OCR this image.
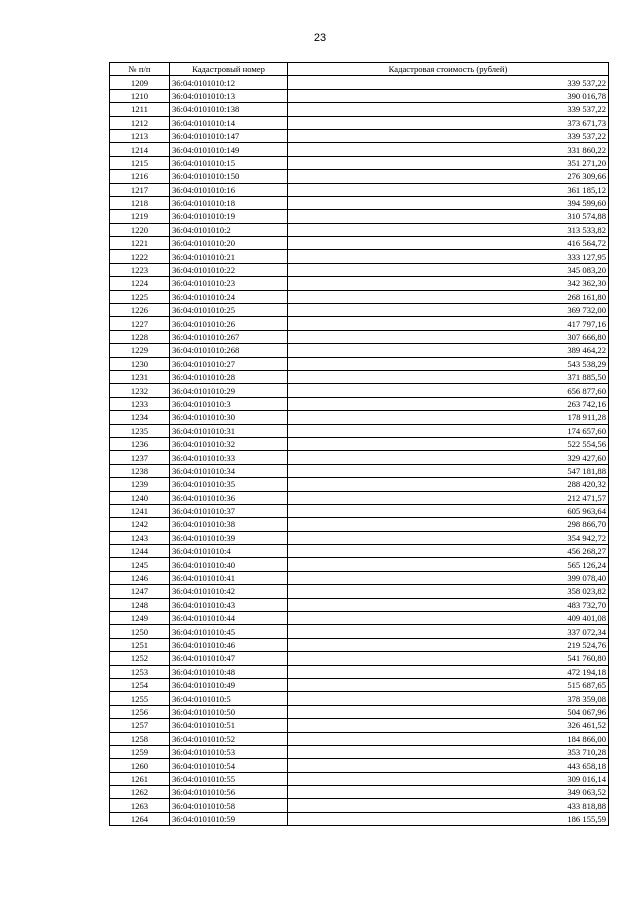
23
№ п/п	Кадастровый номер	Кадастровая стоимость (рублей)
1209	36:04:0101010:12	339 537,22
1210	36:04:0101010:13	390 016,78
1211	36:04:0101010:138	339 537,22
1212	36:04:0101010:14	373 671,73
1213	36:04:0101010:147	339 537,22
1214	36:04:0101010:149	331 860,22
1215	36:04:0101010:15	351 271,20
1216	36:04:0101010:150	276 309,66
1217	36:04:0101010:16	361 185,12
1218	36:04:0101010:18	394 599,60
1219	36:04:0101010:19	310 574,88
1220	36:04:0101010:2	313 533,82
1221	36:04:0101010:20	416 564,72
1222	36:04:0101010:21	333 127,95
1223	36:04:0101010:22	345 083,20
1224	36:04:0101010:23	342 362,30
1225	36:04:0101010:24	268 161,80
1226	36:04:0101010:25	369 732,00
1227	36:04:0101010:26	417 797,16
1228	36:04:0101010:267	307 666,80
1229	36:04:0101010:268	389 464,22
1230	36:04:0101010:27	543 538,29
1231	36:04:0101010:28	371 885,50
1232	36:04:0101010:29	656 877,60
1233	36:04:0101010:3	263 742,16
1234	36:04:0101010:30	178 911,28
1235	36:04:0101010:31	174 657,60
1236	36:04:0101010:32	522 554,56
1237	36:04:0101010:33	329 427,60
1238	36:04:0101010:34	547 181,88
1239	36:04:0101010:35	288 420,32
1240	36:04:0101010:36	212 471,57
1241	36:04:0101010:37	605 963,64
1242	36:04:0101010:38	298 866,70
1243	36:04:0101010:39	354 942,72
1244	36:04:0101010:4	456 268,27
1245	36:04:0101010:40	565 126,24
1246	36:04:0101010:41	399 078,40
1247	36:04:0101010:42	358 023,82
1248	36:04:0101010:43	483 732,70
1249	36:04:0101010:44	409 401,08
1250	36:04:0101010:45	337 072,34
1251	36:04:0101010:46	219 524,76
1252	36:04:0101010:47	541 760,80
1253	36:04:0101010:48	472 194,18
1254	36:04:0101010:49	515 687,65
1255	36:04:0101010:5	378 359,08
1256	36:04:0101010:50	504 067,96
1257	36:04:0101010:51	326 461,52
1258	36:04:0101010:52	184 866,00
1259	36:04:0101010:53	353 710,28
1260	36:04:0101010:54	443 658,18
1261	36:04:0101010:55	309 016,14
1262	36:04:0101010:56	349 063,52
1263	36:04:0101010:58	433 818,88
1264	36:04:0101010:59	186 155,59
